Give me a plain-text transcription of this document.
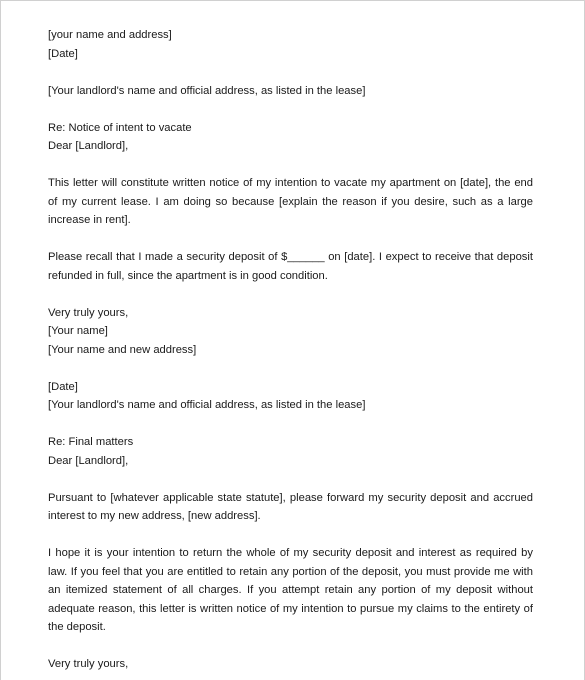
[your name and address]

[Date]

[Your landlord's name and official address, as listed in the lease]

Re: Notice of intent to vacate

Dear [Landlord],

This letter will constitute written notice of my intention to vacate my apartment on [date], the end of my current lease. I am doing so because [explain the reason if you desire, such as a large increase in rent].

Please recall that I made a security deposit of $______ on [date]. I expect to receive that deposit refunded in full, since the apartment is in good condition.

Very truly yours,

[Your name]

[Your name and new address]

[Date]

[Your landlord's name and official address, as listed in the lease]

Re: Final matters

Dear [Landlord],

Pursuant to [whatever applicable state statute], please forward my security deposit and accrued interest to my new address, [new address].

I hope it is your intention to return the whole of my security deposit and interest as required by law. If you feel that you are entitled to retain any portion of the deposit, you must provide me with an itemized statement of all charges. If you attempt retain any portion of my deposit without adequate reason, this letter is written notice of my intention to pursue my claims to the entirety of the deposit.

Very truly yours,
